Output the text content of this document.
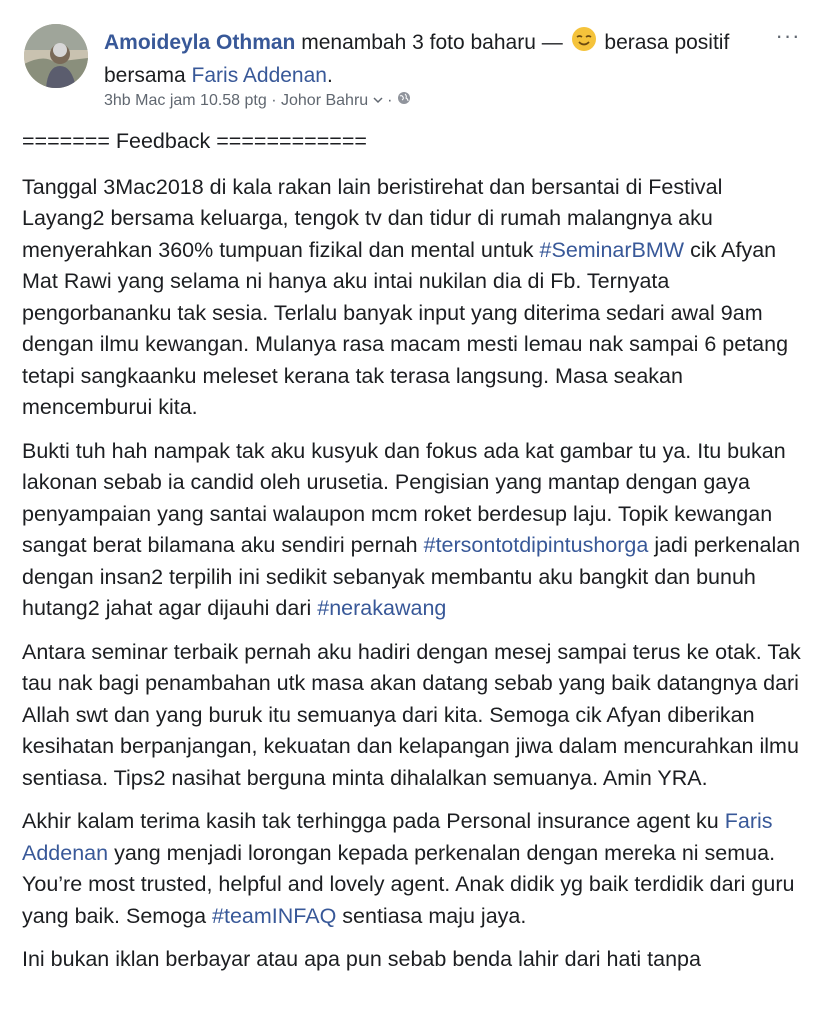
Amoideyla Othman menambah 3 foto baharu — berasa positif bersama Faris Addenan.
···
3hb Mac jam 10.58 ptg · Johor Bahru ·

======= Feedback ============

Tanggal 3Mac2018 di kala rakan lain beristirehat dan bersantai di Festival Layang2 bersama keluarga, tengok tv dan tidur di rumah malangnya aku menyerahkan 360% tumpuan fizikal dan mental untuk #SeminarBMW cik Afyan Mat Rawi yang selama ni hanya aku intai nukilan dia di Fb. Ternyata pengorbananku tak sesia. Terlalu banyak input yang diterima sedari awal 9am dengan ilmu kewangan. Mulanya rasa macam mesti lemau nak sampai 6 petang tetapi sangkaanku meleset kerana tak terasa langsung. Masa seakan mencemburui kita.

Bukti tuh hah nampak tak aku kusyuk dan fokus ada kat gambar tu ya. Itu bukan lakonan sebab ia candid oleh urusetia. Pengisian yang mantap dengan gaya penyampaian yang santai walaupon mcm roket berdesup laju. Topik kewangan sangat berat bilamana aku sendiri pernah #tersontotdipintushorga jadi perkenalan dengan insan2 terpilih ini sedikit sebanyak membantu aku bangkit dan bunuh hutang2 jahat agar dijauhi dari #nerakawang

Antara seminar terbaik pernah aku hadiri dengan mesej sampai terus ke otak. Tak tau nak bagi penambahan utk masa akan datang sebab yang baik datangnya dari Allah swt dan yang buruk itu semuanya dari kita. Semoga cik Afyan diberikan kesihatan berpanjangan, kekuatan dan kelapangan jiwa dalam mencurahkan ilmu sentiasa. Tips2 nasihat berguna minta dihalalkan semuanya. Amin YRA.

Akhir kalam terima kasih tak terhingga pada Personal insurance agent ku Faris Addenan yang menjadi lorongan kepada perkenalan dengan mereka ni semua. You’re most trusted, helpful and lovely agent. Anak didik yg baik terdidik dari guru yang baik. Semoga #teamINFAQ sentiasa maju jaya.

Ini bukan iklan berbayar atau apa pun sebab benda lahir dari hati tanpa
